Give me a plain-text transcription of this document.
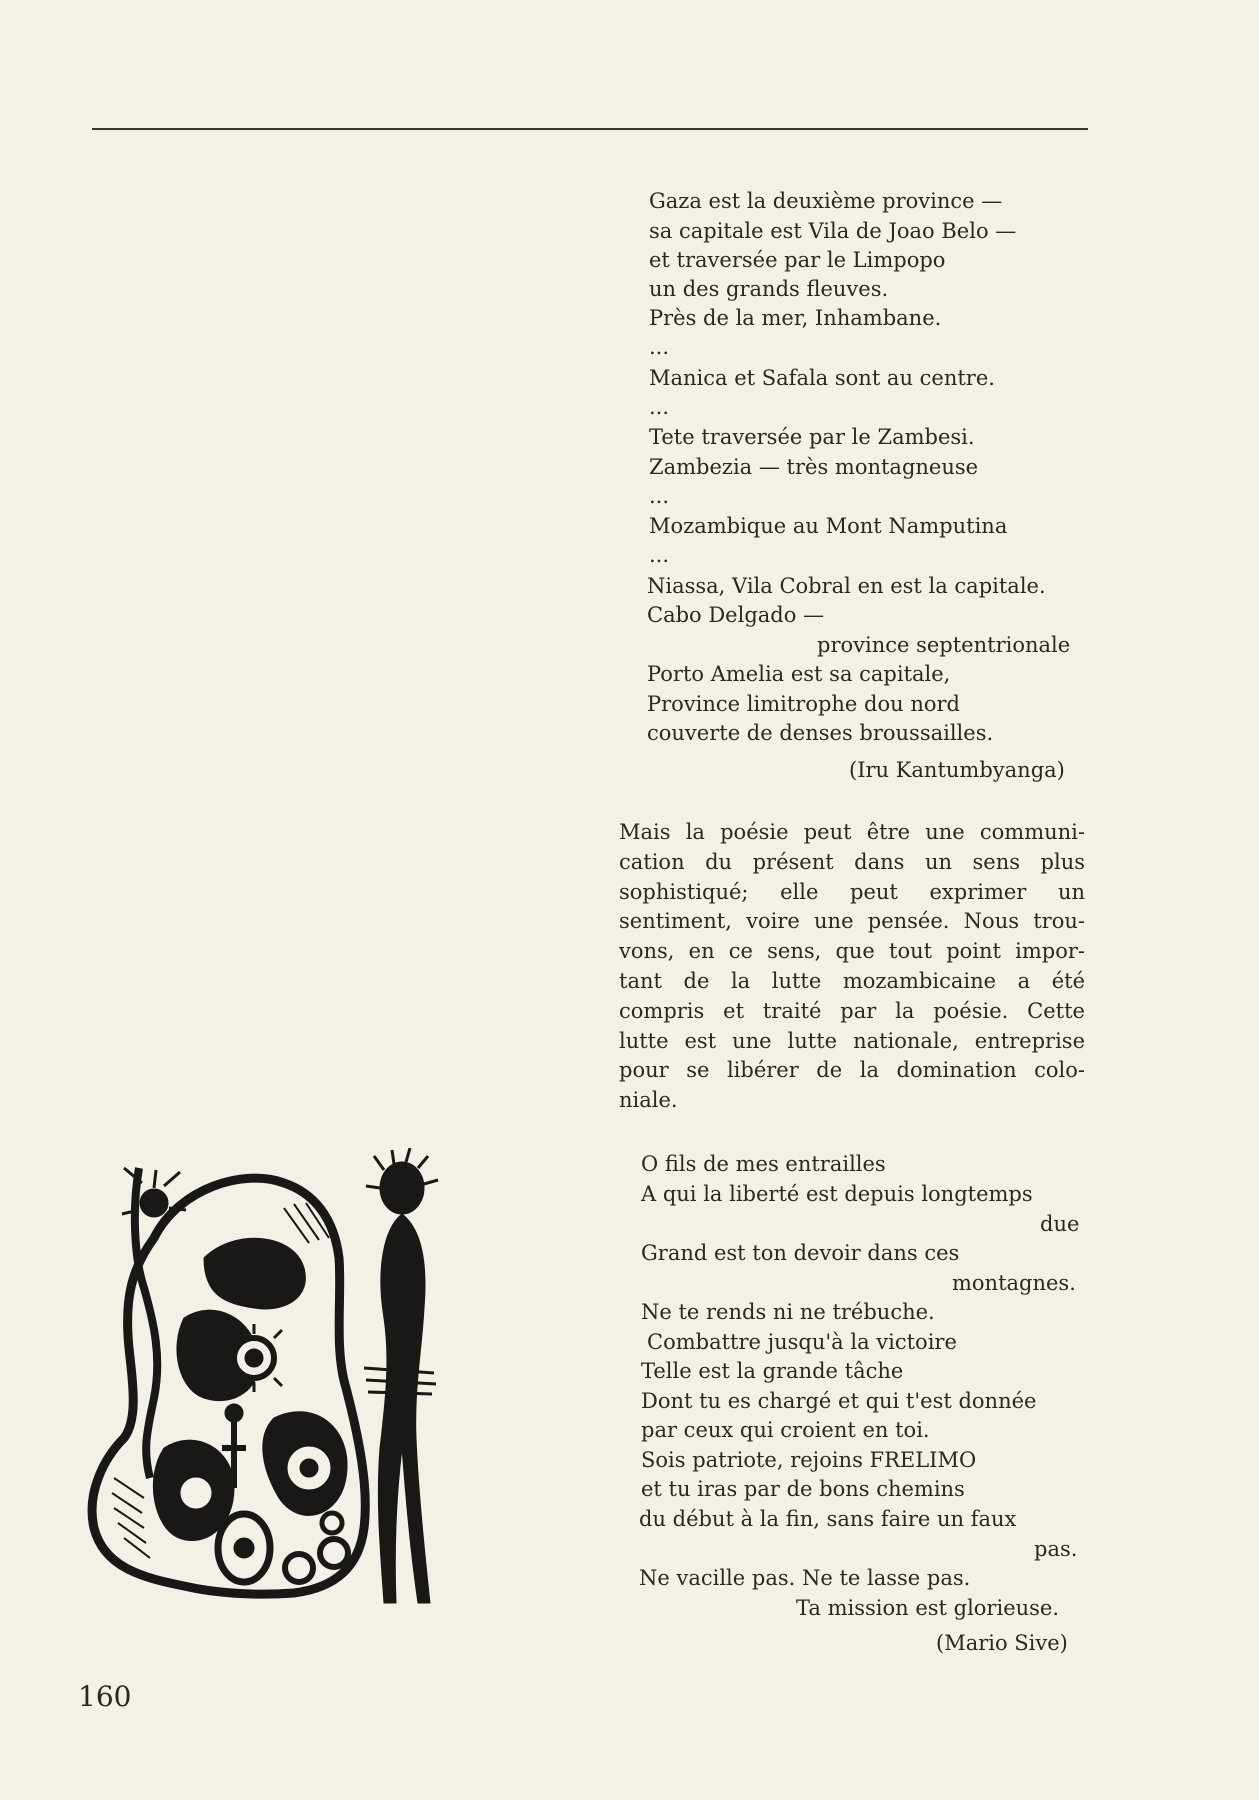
Gaza est la deuxième province —
sa capitale est Vila de Joao Belo —
et traversée par le Limpopo
un des grands fleuves.
Près de la mer, Inhambane.
...
Manica et Safala sont au centre.
...
Tete traversée par le Zambesi.
Zambezia — très montagneuse
...
Mozambique au Mont Namputina
...
Niassa, Vila Cobral en est la capitale.
Cabo Delgado —
province septentrionale
Porto Amelia est sa capitale,
Province limitrophe dou nord
couverte de denses broussailles.
(Iru Kantumbyanga)
Mais la poésie peut être une communi-
cation du présent dans un sens plus
sophistiqué; elle peut exprimer un
sentiment, voire une pensée. Nous trou-
vons, en ce sens, que tout point impor-
tant de la lutte mozambicaine a été
compris et traité par la poésie. Cette
lutte est une lutte nationale, entreprise
pour se libérer de la domination colo-
niale.
O fils de mes entrailles
A qui la liberté est depuis longtemps
due
Grand est ton devoir dans ces
montagnes.
Ne te rends ni ne trébuche.
Combattre jusqu'à la victoire
Telle est la grande tâche
Dont tu es chargé et qui t'est donnée
par ceux qui croient en toi.
Sois patriote, rejoins FRELIMO
et tu iras par de bons chemins
du début à la fin, sans faire un faux
pas.
Ne vacille pas. Ne te lasse pas.
Ta mission est glorieuse.
(Mario Sive)
160
